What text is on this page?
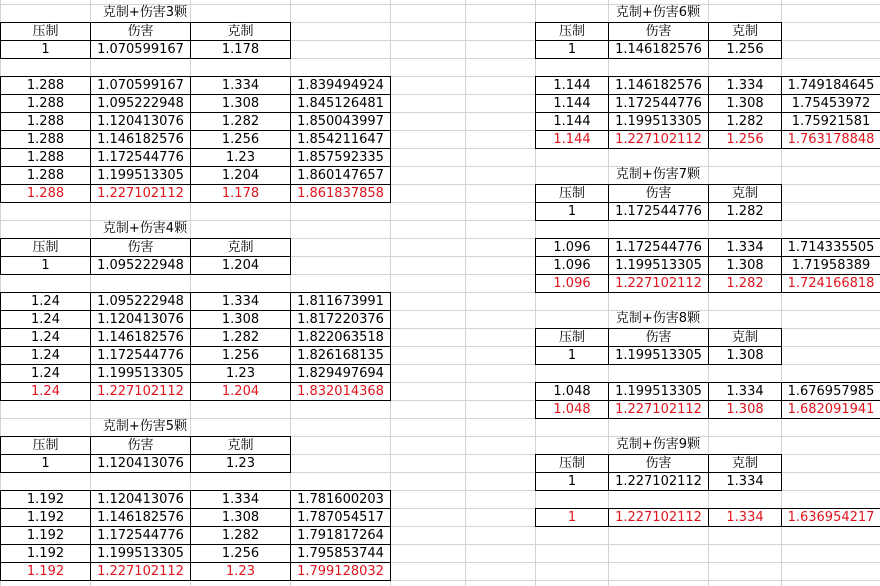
克制+伤害3颗
压制	伤害	克制
1	1.070599167	1.178
1.288	1.070599167	1.334	1.839494924
1.288	1.095222948	1.308	1.845126481
1.288	1.120413076	1.282	1.850043997
1.288	1.146182576	1.256	1.854211647
1.288	1.172544776	1.23	1.857592335
1.288	1.199513305	1.204	1.860147657
1.288	1.227102112	1.178	1.861837858
克制+伤害4颗
压制	伤害	克制
1	1.095222948	1.204
1.24	1.095222948	1.334	1.811673991
1.24	1.120413076	1.308	1.817220376
1.24	1.146182576	1.282	1.822063518
1.24	1.172544776	1.256	1.826168135
1.24	1.199513305	1.23	1.829497694
1.24	1.227102112	1.204	1.832014368
克制+伤害5颗
压制	伤害	克制
1	1.120413076	1.23
1.192	1.120413076	1.334	1.781600203
1.192	1.146182576	1.308	1.787054517
1.192	1.172544776	1.282	1.791817264
1.192	1.199513305	1.256	1.795853744
1.192	1.227102112	1.23	1.799128032
克制+伤害6颗
压制	伤害	克制
1	1.146182576	1.256
1.144	1.146182576	1.334	1.749184645
1.144	1.172544776	1.308	1.75453972
1.144	1.199513305	1.282	1.75921581
1.144	1.227102112	1.256	1.763178848
克制+伤害7颗
压制	伤害	克制
1	1.172544776	1.282
1.096	1.172544776	1.334	1.714335505
1.096	1.199513305	1.308	1.71958389
1.096	1.227102112	1.282	1.724166818
克制+伤害8颗
压制	伤害	克制
1	1.199513305	1.308
1.048	1.199513305	1.334	1.676957985
1.048	1.227102112	1.308	1.682091941
克制+伤害9颗
压制	伤害	克制
1	1.227102112	1.334
1	1.227102112	1.334	1.636954217
